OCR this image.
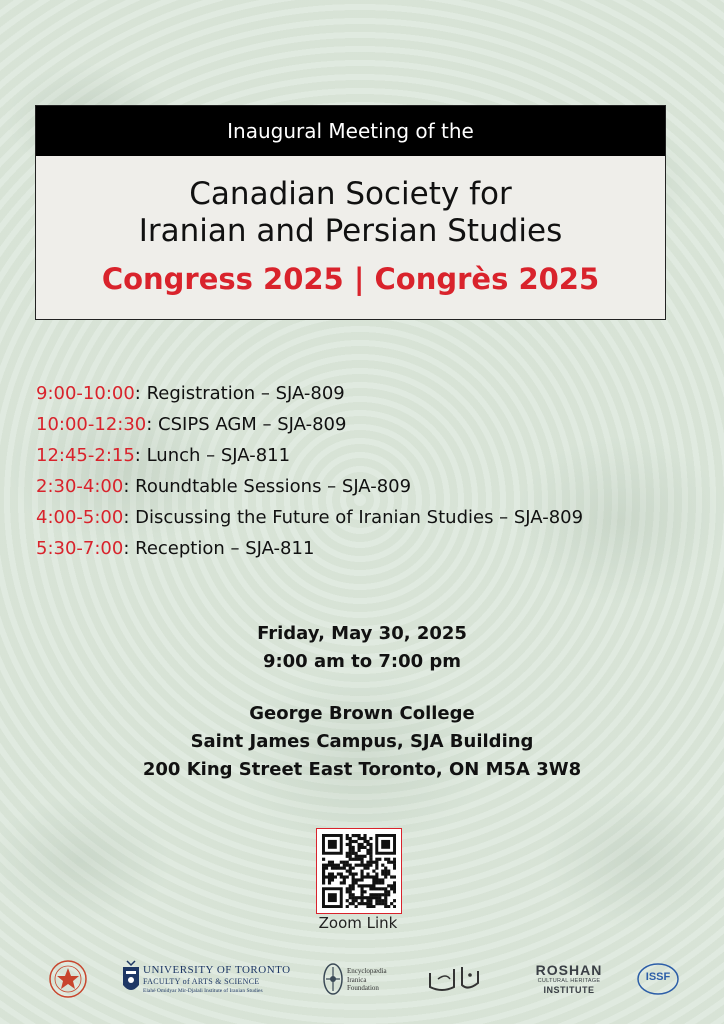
Inaugural Meeting of the
Canadian Society for
Iranian and Persian Studies
Congress 2025 | Congrès 2025
9:00-10:00: Registration – SJA-809
10:00-12:30: CSIPS AGM – SJA-809
12:45-2:15: Lunch – SJA-811
2:30-4:00: Roundtable Sessions – SJA-809
4:00-5:00: Discussing the Future of Iranian Studies – SJA-809
5:30-7:00: Reception – SJA-811
Friday, May 30, 2025
9:00 am to 7:00 pm
George Brown College
Saint James Campus, SJA Building
200 King Street East Toronto, ON M5A 3W8
Zoom Link
UNIVERSITY OF TORONTO
FACULTY of ARTS & SCIENCE
Elahé Omidyar Mir-Djalali Institute of Iranian Studies
Encyclopædia
Iranica
Foundation
ROSHAN
CULTURAL HERITAGE
INSTITUTE
ISSF
